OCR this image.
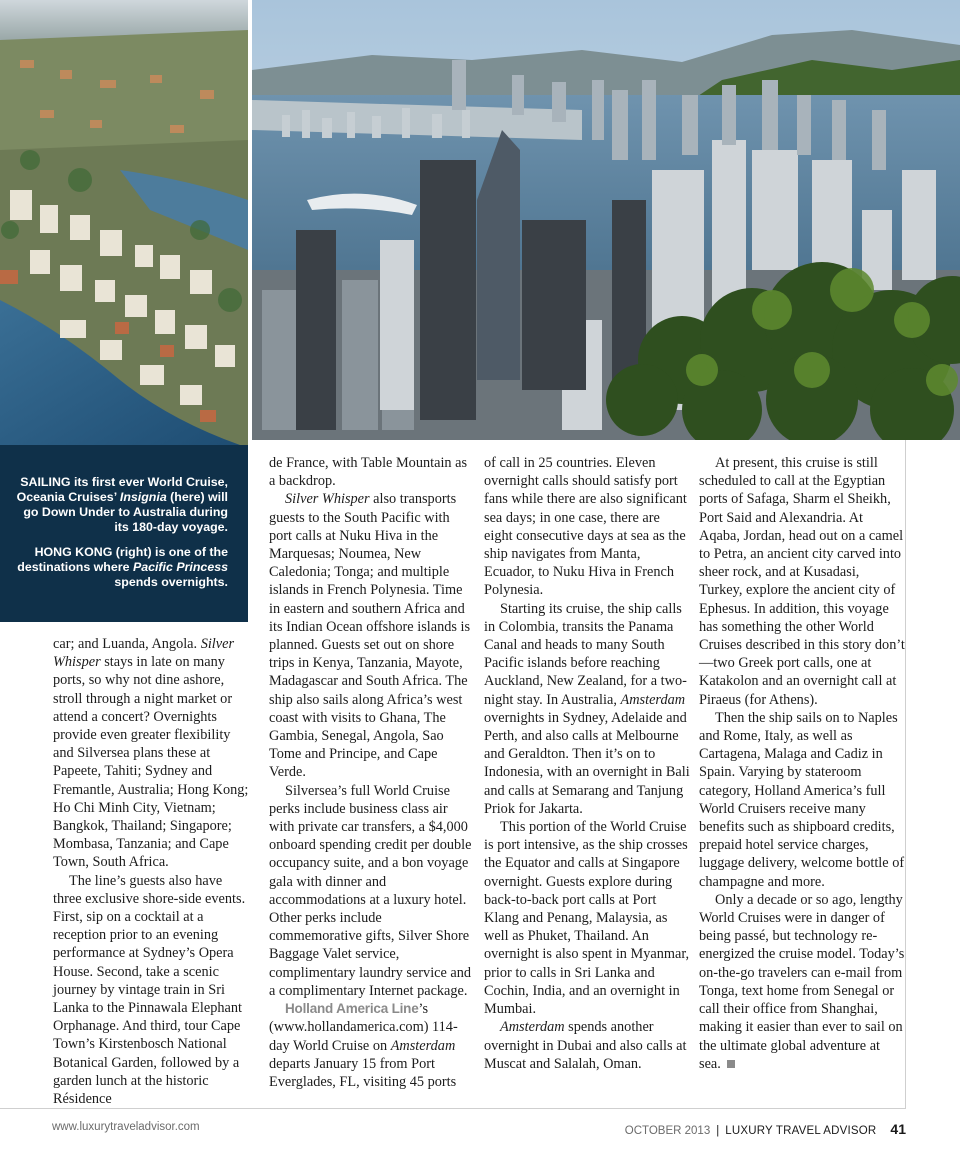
SAILING its first ever World Cruise, Oceania Cruises’ Insignia (here) will go Down Under to Australia during its 180-day voyage.

HONG KONG (right) is one of the destinations where Pacific Princess spends overnights.

car; and Luanda, Angola. Silver Whisper stays in late on many ports, so why not dine ashore, stroll through a night market or attend a concert? Overnights provide even greater flexibility and Silversea plans these at Papeete, Tahiti; Sydney and Fremantle, Australia; Hong Kong; Ho Chi Minh City, Vietnam; Bangkok, Thailand; Singapore; Mombasa, Tanzania; and Cape Town, South Africa.

The line’s guests also have three exclusive shore-side events. First, sip on a cocktail at a reception prior to an evening performance at Sydney’s Opera House. Second, take a scenic journey by vintage train in Sri Lanka to the Pinnawala Elephant Orphanage. And third, tour Cape Town’s Kirstenbosch National Botanical Garden, followed by a garden lunch at the historic Résidence

de France, with Table Mountain as a backdrop.

Silver Whisper also transports guests to the South Pacific with port calls at Nuku Hiva in the Marquesas; Noumea, New Caledonia; Tonga; and multiple islands in French Polynesia. Time in eastern and southern Africa and its Indian Ocean offshore islands is planned. Guests set out on shore trips in Kenya, Tanzania, Mayote, Madagascar and South Africa. The ship also sails along Africa’s west coast with visits to Ghana, The Gambia, Senegal, Angola, Sao Tome and Principe, and Cape Verde.

Silversea’s full World Cruise perks include business class air with private car transfers, a $4,000 onboard spending credit per double occupancy suite, and a bon voyage gala with dinner and accommodations at a luxury hotel. Other perks include commemorative gifts, Silver Shore Baggage Valet service, complimentary laundry service and a complimentary Internet package.

Holland America Line’s (www.hollandamerica.com) 114-day World Cruise on Amsterdam departs January 15 from Port Everglades, FL, visiting 45 ports

of call in 25 countries. Eleven overnight calls should satisfy port fans while there are also significant sea days; in one case, there are eight consecutive days at sea as the ship navigates from Manta, Ecuador, to Nuku Hiva in French Polynesia.

Starting its cruise, the ship calls in Colombia, transits the Panama Canal and heads to many South Pacific islands before reaching Auckland, New Zealand, for a two-night stay. In Australia, Amsterdam overnights in Sydney, Adelaide and Perth, and also calls at Melbourne and Geraldton. Then it’s on to Indonesia, with an overnight in Bali and calls at Semarang and Tanjung Priok for Jakarta.

This portion of the World Cruise is port intensive, as the ship crosses the Equator and calls at Singapore overnight. Guests explore during back-to-back port calls at Port Klang and Penang, Malaysia, as well as Phuket, Thailand. An overnight is also spent in Myanmar, prior to calls in Sri Lanka and Cochin, India, and an overnight in Mumbai.

Amsterdam spends another overnight in Dubai and also calls at Muscat and Salalah, Oman.

At present, this cruise is still scheduled to call at the Egyptian ports of Safaga, Sharm el Sheikh, Port Said and Alexandria. At Aqaba, Jordan, head out on a camel to Petra, an ancient city carved into sheer rock, and at Kusadasi, Turkey, explore the ancient city of Ephesus. In addition, this voyage has something the other World Cruises described in this story don’t—two Greek port calls, one at Katakolon and an overnight call at Piraeus (for Athens).

Then the ship sails on to Naples and Rome, Italy, as well as Cartagena, Malaga and Cadiz in Spain. Varying by stateroom category, Holland America’s full World Cruisers receive many benefits such as shipboard credits, prepaid hotel service charges, luggage delivery, welcome bottle of champagne and more.

Only a decade or so ago, lengthy World Cruises were in danger of being passé, but technology re-energized the cruise model. Today’s on-the-go travelers can e-mail from Tonga, text home from Senegal or call their office from Shanghai, making it easier than ever to sail on the ultimate global adventure at sea.

www.luxurytraveladvisor.com	OCTOBER 2013 | LUXURY TRAVEL ADVISOR 41
